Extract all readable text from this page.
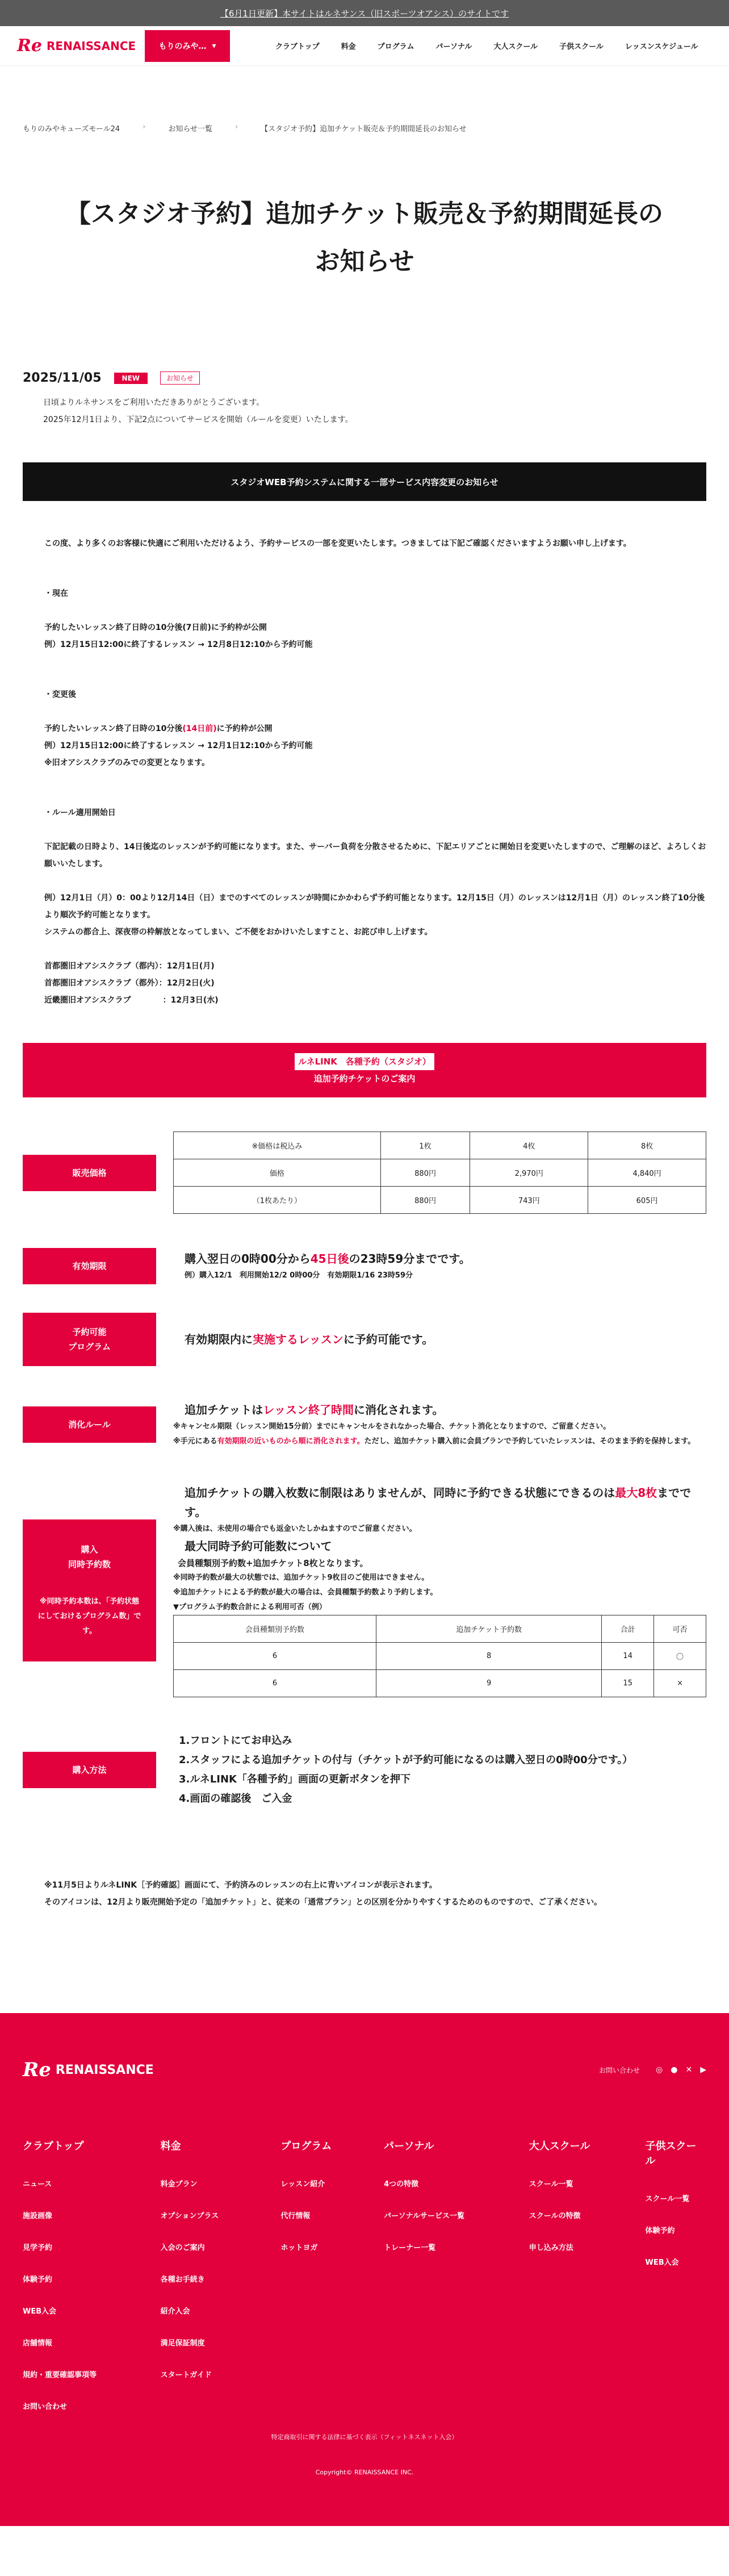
【6月1日更新】本サイトはルネサンス（旧スポーツオアシス）のサイトです
Re RENAISSANCE	もりのみや… ▾	クラブトップ	料金	プログラム	パーソナル	大人スクール	子供スクール	レッスンスケジュール
もりのみやキューズモール24	›	お知らせ一覧	›	【スタジオ予約】追加チケット販売＆予約期間延長のお知らせ
【スタジオ予約】追加チケット販売＆予約期間延長のお知らせ
2025/11/05	NEW	お知らせ

日頃よりルネサンスをご利用いただきありがとうございます。

2025年12月1日より、下記2点についてサービスを開始（ルールを変更）いたします。

スタジオWEB予約システムに関する一部サービス内容変更のお知らせ

この度、より多くのお客様に快適にご利用いただけるよう、予約サービスの一部を変更いたします。つきましては下記ご確認くださいますようお願い申し上げます。

・現在

予約したいレッスン終了日時の10分後(7日前)に予約枠が公開

例）12月15日12:00に終了するレッスン → 12月8日12:10から予約可能

・変更後

予約したいレッスン終了日時の10分後(14日前)に予約枠が公開

例）12月15日12:00に終了するレッスン → 12月1日12:10から予約可能

※旧オアシスクラブのみでの変更となります。

・ルール適用開始日

下記記載の日時より、14日後迄のレッスンが予約可能になります。また、サーバー負荷を分散させるために、下記エリアごとに開始日を変更いたしますので、ご理解のほど、よろしくお願いいたします。

例）12月1日（月）0：00より12月14日（日）までのすべてのレッスンが時間にかかわらず予約可能となります。12月15日（月）のレッスンは12月1日（月）のレッスン終了10分後より順次予約可能となります。

システムの都合上、深夜帯の枠解放となってしまい、ご不便をおかけいたしますこと、お詫び申し上げます。

首都圏旧オアシスクラブ（都内）：12月1日(月)

首都圏旧オアシスクラブ（都外）：12月2日(火)

近畿圏旧オアシスクラブ　　　　：12月3日(水)

ルネLINK　各種予約（スタジオ）
追加予約チケットのご案内
販売価格
※価格は税込み	1枚	4枚	8枚
価格	880円	2,970円	4,840円
（1枚あたり）	880円	743円	605円
有効期限

購入翌日の0時00分から45日後の23時59分までです。

例）購入12/1　利用開始12/2 0時00分　有効期限1/16 23時59分

予約可能
プログラム

有効期限内に実施するレッスンに予約可能です。

消化ルール

追加チケットはレッスン終了時間に消化されます。

※キャンセル期限（レッスン開始15分前）までにキャンセルをされなかった場合、チケット消化となりますので、ご留意ください。

※手元にある有効期限の近いものから順に消化されます。ただし、追加チケット購入前に会員プランで予約していたレッスンは、そのまま予約を保持します。

購入
同時予約数
※同時予約本数は、「予約状態にしておけるプログラム数」です。

追加チケットの購入枚数に制限はありませんが、同時に予約できる状態にできるのは最大8枚までです。

※購入後は、未使用の場合でも返金いたしかねますのでご留意ください。

最大同時予約可能数について

会員種類別予約数+追加チケット8枚となります。

※同時予約数が最大の状態では、追加チケット9枚目のご使用はできません。

※追加チケットによる予約数が最大の場合は、会員種類予約数より予約します。

▼プログラム予約数合計による利用可否（例）

会員種類別予約数	追加チケット予約数	合計	可否
6	8	14	〇
6	9	15	×
購入方法

1.フロントにてお申込み

2.スタッフによる追加チケットの付与（チケットが予約可能になるのは購入翌日の0時00分です。）

3.ルネLINK「各種予約」画面の更新ボタンを押下

4.画面の確認後　ご入金

※11月5日よりルネLINK［予約確認］画面にて、予約済みのレッスンの右上に青いアイコンが表示されます。

そのアイコンは、12月より販売開始予定の「追加チケット」と、従来の「通常プラン」との区別を分かりやすくするためのものですので、ご了承ください。

Re RENAISSANCE	お問い合わせ ◎ ● ✕ ▶
クラブトップ
ニュース
施設画像
見学予約
体験予約
WEB入会
店舗情報
規約・重要確認事項等
お問い合わせ
料金
料金プラン
オプションプラス
入会のご案内
各種お手続き
紹介入会
満足保証制度
スタートガイド
プログラム
レッスン紹介
代行情報
ホットヨガ
パーソナル
4つの特徴
パーソナルサービス一覧
トレーナー一覧
大人スクール
スクール一覧
スクールの特徴
申し込み方法
子供スクール
スクール一覧
体験予約
WEB入会

特定商取引に関する法律に基づく表示（フィットネスネット入会）

Copyright© RENAISSANCE INC.
